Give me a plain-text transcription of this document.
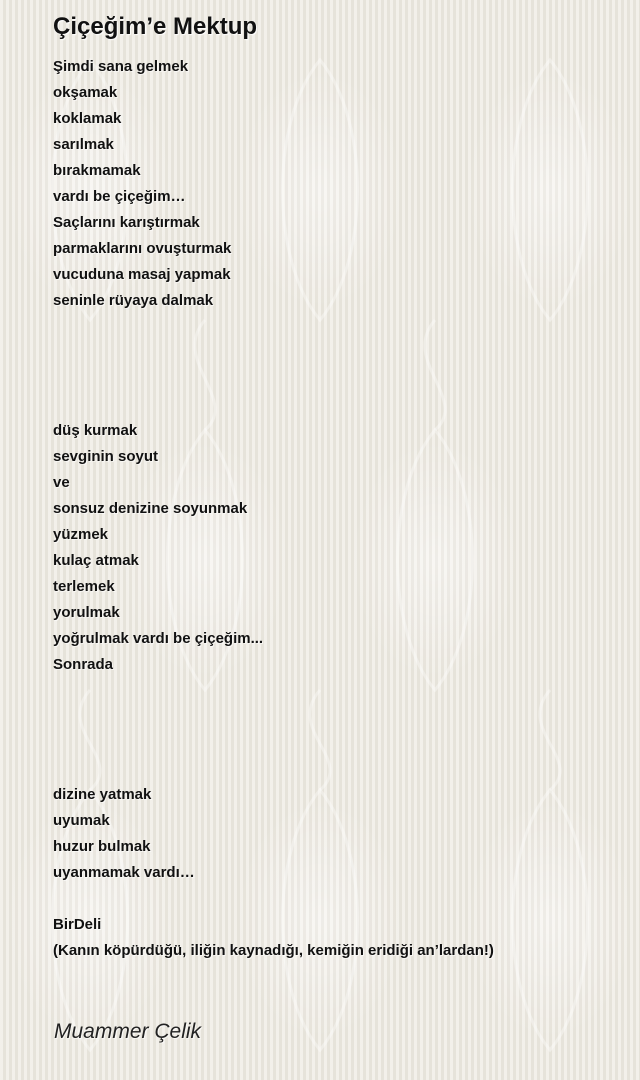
Çiçeğim’e Mektup
Şimdi sana gelmek
okşamak
koklamak
sarılmak
bırakmamak
vardı be çiçeğim…
Saçlarını karıştırmak
parmaklarını ovuşturmak
vucuduna masaj yapmak
seninle rüyaya dalmak
düş kurmak
sevginin soyut
ve
sonsuz denizine soyunmak
yüzmek
kulaç atmak
terlemek
yorulmak
yoğrulmak vardı be çiçeğim...
Sonrada
dizine yatmak
uyumak
huzur bulmak
uyanmamak vardı…
BirDeli
(Kanın köpürdüğü, iliğin kaynadığı, kemiğin eridiği an’lardan!)
Muammer Çelik
